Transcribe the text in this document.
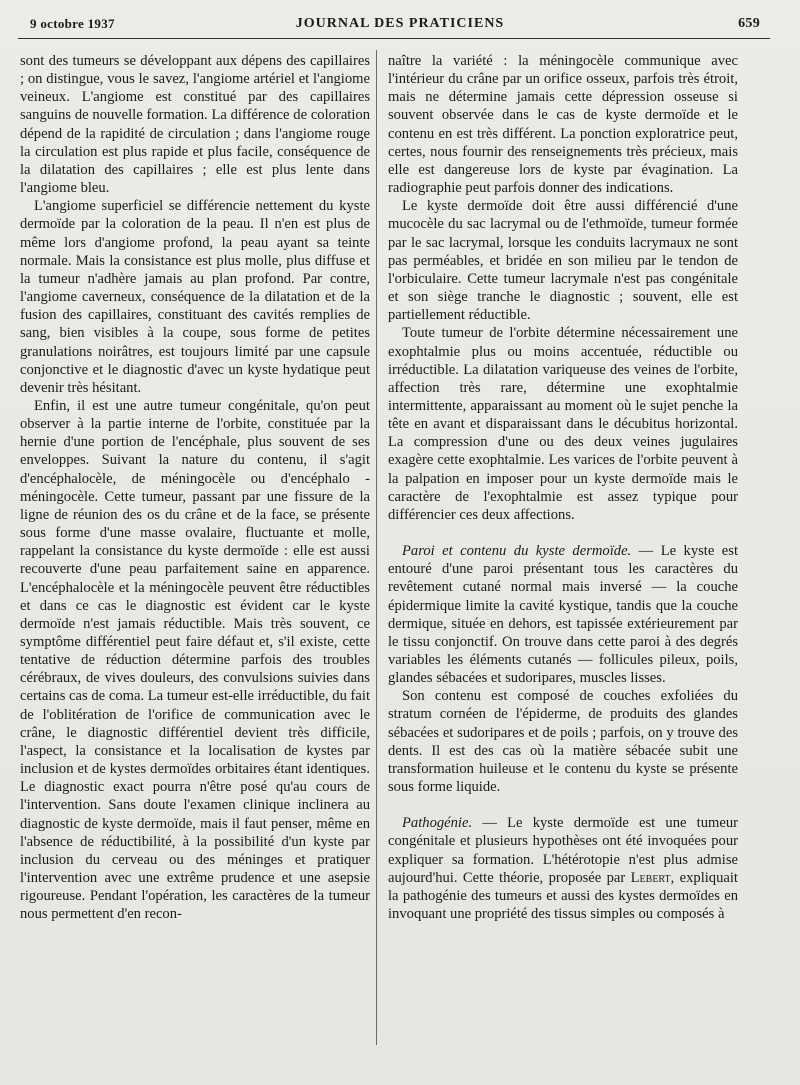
9 octobre 1937	JOURNAL DES PRATICIENS	659

sont des tumeurs se développant aux dépens des capillaires ; on distingue, vous le savez, l'angiome artériel et l'angiome veineux. L'angiome est constitué par des capillaires sanguins de nouvelle formation. La différence de coloration dépend de la rapidité de circulation ; dans l'angiome rouge la circulation est plus rapide et plus facile, conséquence de la dilatation des capillaires ; elle est plus lente dans l'angiome bleu.

L'angiome superficiel se différencie nettement du kyste dermoïde par la coloration de la peau. Il n'en est plus de même lors d'angiome profond, la peau ayant sa teinte normale. Mais la consistance est plus molle, plus diffuse et la tumeur n'adhère jamais au plan profond. Par contre, l'angiome caverneux, conséquence de la dilatation et de la fusion des capillaires, constituant des cavités remplies de sang, bien visibles à la coupe, sous forme de petites granulations noirâtres, est toujours limité par une capsule conjonctive et le diagnostic d'avec un kyste hydatique peut devenir très hésitant.

Enfin, il est une autre tumeur congénitale, qu'on peut observer à la partie interne de l'orbite, constituée par la hernie d'une portion de l'encéphale, plus souvent de ses enveloppes. Suivant la nature du contenu, il s'agit d'encéphalocèle, de méningocèle ou d'encéphalo - méningocèle. Cette tumeur, passant par une fissure de la ligne de réunion des os du crâne et de la face, se présente sous forme d'une masse ovalaire, fluctuante et molle, rappelant la consistance du kyste dermoïde : elle est aussi recouverte d'une peau parfaitement saine en apparence. L'encéphalocèle et la méningocèle peuvent être réductibles et dans ce cas le diagnostic est évident car le kyste dermoïde n'est jamais réductible. Mais très souvent, ce symptôme différentiel peut faire défaut et, s'il existe, cette tentative de réduction détermine parfois des troubles cérébraux, de vives douleurs, des convulsions suivies dans certains cas de coma. La tumeur est-elle irréductible, du fait de l'oblitération de l'orifice de communication avec le crâne, le diagnostic différentiel devient très difficile, l'aspect, la consistance et la localisation de kystes par inclusion et de kystes dermoïdes orbitaires étant identiques. Le diagnostic exact pourra n'être posé qu'au cours de l'intervention. Sans doute l'examen clinique inclinera au diagnostic de kyste dermoïde, mais il faut penser, même en l'absence de réductibilité, à la possibilité d'un kyste par inclusion du cerveau ou des méninges et pratiquer l'intervention avec une extrême prudence et une asepsie rigoureuse. Pendant l'opération, les caractères de la tumeur nous permettent d'en recon-

naître la variété : la méningocèle communique avec l'intérieur du crâne par un orifice osseux, parfois très étroit, mais ne détermine jamais cette dépression osseuse si souvent observée dans le cas de kyste dermoïde et le contenu en est très différent. La ponction exploratrice peut, certes, nous fournir des renseignements très précieux, mais elle est dangereuse lors de kyste par évagination. La radiographie peut parfois donner des indications.

Le kyste dermoïde doit être aussi différencié d'une mucocèle du sac lacrymal ou de l'ethmoïde, tumeur formée par le sac lacrymal, lorsque les conduits lacrymaux ne sont pas perméables, et bridée en son milieu par le tendon de l'orbiculaire. Cette tumeur lacrymale n'est pas congénitale et son siège tranche le diagnostic ; souvent, elle est partiellement réductible.

Toute tumeur de l'orbite détermine nécessairement une exophtalmie plus ou moins accentuée, réductible ou irréductible. La dilatation variqueuse des veines de l'orbite, affection très rare, détermine une exophtalmie intermittente, apparaissant au moment où le sujet penche la tête en avant et disparaissant dans le décubitus horizontal. La compression d'une ou des deux veines jugulaires exagère cette exophtalmie. Les varices de l'orbite peuvent à la palpation en imposer pour un kyste dermoïde mais le caractère de l'exophtalmie est assez typique pour différencier ces deux affections.

Paroi et contenu du kyste dermoïde. — Le kyste est entouré d'une paroi présentant tous les caractères du revêtement cutané normal mais inversé — la couche épidermique limite la cavité kystique, tandis que la couche dermique, située en dehors, est tapissée extérieurement par le tissu conjonctif. On trouve dans cette paroi à des degrés variables les éléments cutanés — follicules pileux, poils, glandes sébacées et sudoripares, muscles lisses.

Son contenu est composé de couches exfoliées du stratum cornéen de l'épiderme, de produits des glandes sébacées et sudoripares et de poils ; parfois, on y trouve des dents. Il est des cas où la matière sébacée subit une transformation huileuse et le contenu du kyste se présente sous forme liquide.

Pathogénie. — Le kyste dermoïde est une tumeur congénitale et plusieurs hypothèses ont été invoquées pour expliquer sa formation. L'hétérotopie n'est plus admise aujourd'hui. Cette théorie, proposée par Lebert, expliquait la pathogénie des tumeurs et aussi des kystes dermoïdes en invoquant une propriété des tissus simples ou composés à
